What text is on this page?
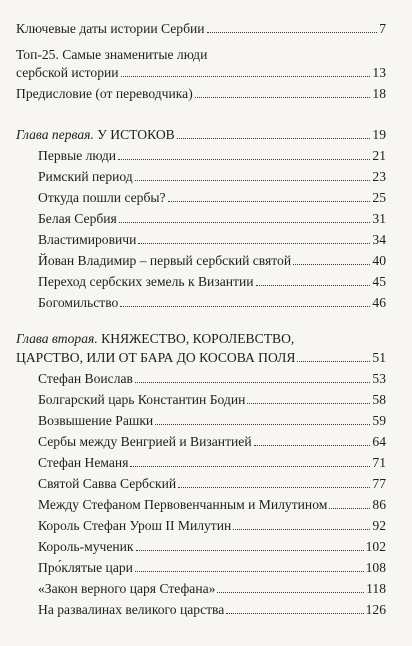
Ключевые даты истории Сербии	7
Топ-25. Самые знаменитые люди
сербской истории	13
Предисловие (от переводчика)	18
Глава первая. У ИСТОКОВ	19
Первые люди	21
Римский период	23
Откуда пошли сербы?	25
Белая Сербия	31
Властимировичи	34
Йован Владимир – первый сербский святой	40
Переход сербских земель к Византии	45
Богомильство	46
Глава вторая. КНЯЖЕСТВО, КОРОЛЕВСТВО,
ЦАРСТВО, ИЛИ ОТ БАРА ДО КОСОВА ПОЛЯ	51
Стефан Воислав	53
Болгарский царь Константин Бодин	58
Возвышение Рашки	59
Сербы между Венгрией и Византией	64
Стефан Неманя	71
Святой Савва Сербский	77
Между Стефаном Первовенчанным и Милутином	86
Король Стефан Урош II Милутин	92
Король-мученик	102
Про́клятые цари	108
«Закон верного царя Стефана»	118
На развалинах великого царства	126
